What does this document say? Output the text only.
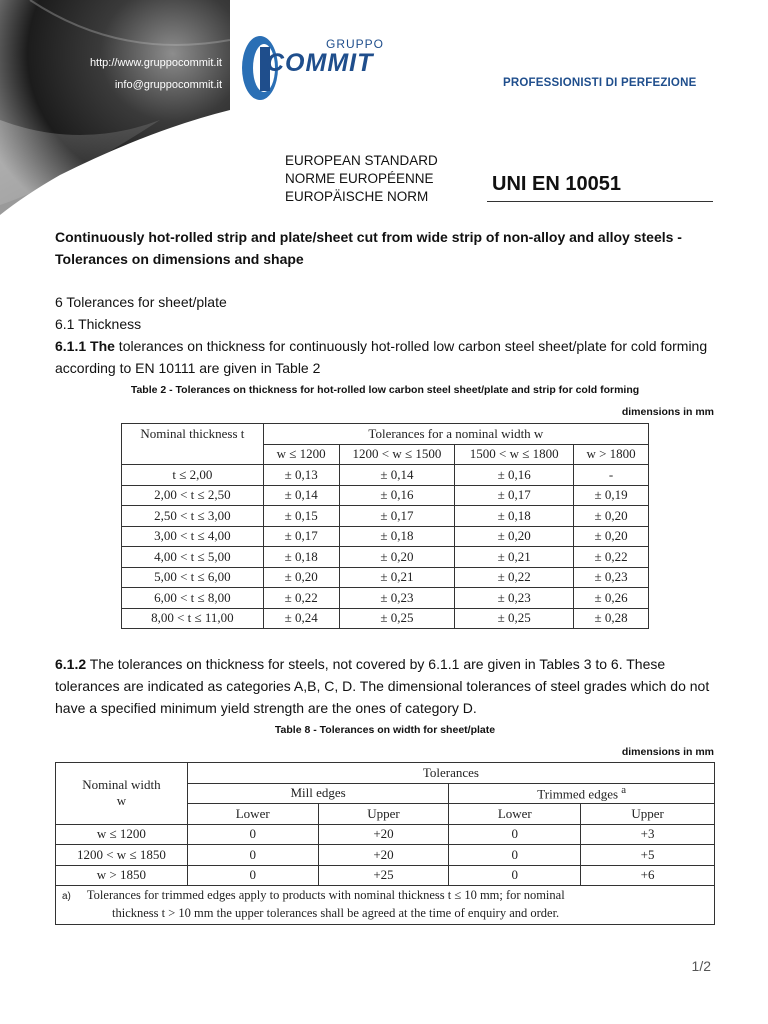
http://www.gruppocommit.it
info@gruppocommit.it
GRUPPO
COMMIT
PROFESSIONISTI DI PERFEZIONE
EUROPEAN STANDARD
NORME EUROPÉENNE
EUROPÄISCHE NORM
UNI EN 10051
Continuously hot-rolled strip and plate/sheet cut from wide strip of non-alloy and alloy steels - Tolerances on dimensions and shape
6 Tolerances for sheet/plate
6.1 Thickness
6.1.1 The tolerances on thickness for continuously hot-rolled low carbon steel sheet/plate for cold forming according to EN 10111 are given in Table 2
Table 2 - Tolerances on thickness for hot-rolled low carbon steel sheet/plate and strip for cold forming
dimensions in mm
Nominal thickness t	Tolerances for a nominal width w			
	w ≤ 1200	1200 < w ≤ 1500	1500 < w ≤ 1800	w > 1800
t ≤ 2,00	± 0,13	± 0,14	± 0,16	-
2,00 < t ≤ 2,50	± 0,14	± 0,16	± 0,17	± 0,19
2,50 < t ≤ 3,00	± 0,15	± 0,17	± 0,18	± 0,20
3,00 < t ≤ 4,00	± 0,17	± 0,18	± 0,20	± 0,20
4,00 < t ≤ 5,00	± 0,18	± 0,20	± 0,21	± 0,22
5,00 < t ≤ 6,00	± 0,20	± 0,21	± 0,22	± 0,23
6,00 < t ≤ 8,00	± 0,22	± 0,23	± 0,23	± 0,26
8,00 < t ≤ 11,00	± 0,24	± 0,25	± 0,25	± 0,28
6.1.2 The tolerances on thickness for steels, not covered by 6.1.1 are given in Tables 3 to 6. These tolerances are indicated as categories A,B, C, D. The dimensional tolerances of steel grades which do not have a specified minimum yield strength are the ones of category D.
Table 8 - Tolerances on width for sheet/plate
dimensions in mm
Nominal width
w	Tolerances			
	Mill edges		Trimmed edges $^a$
	Lower	Upper	Lower	Upper
w ≤ 1200	0	+20	0	+3
1200 < w ≤ 1850	0	+20	0	+5
w > 1850	0	+25	0	+6
a) Tolerances for trimmed edges apply to products with nominal thickness t ≤ 10 mm; for nominal
thickness t > 10 mm the upper tolerances shall be agreed at the time of enquiry and order.				
1/2
